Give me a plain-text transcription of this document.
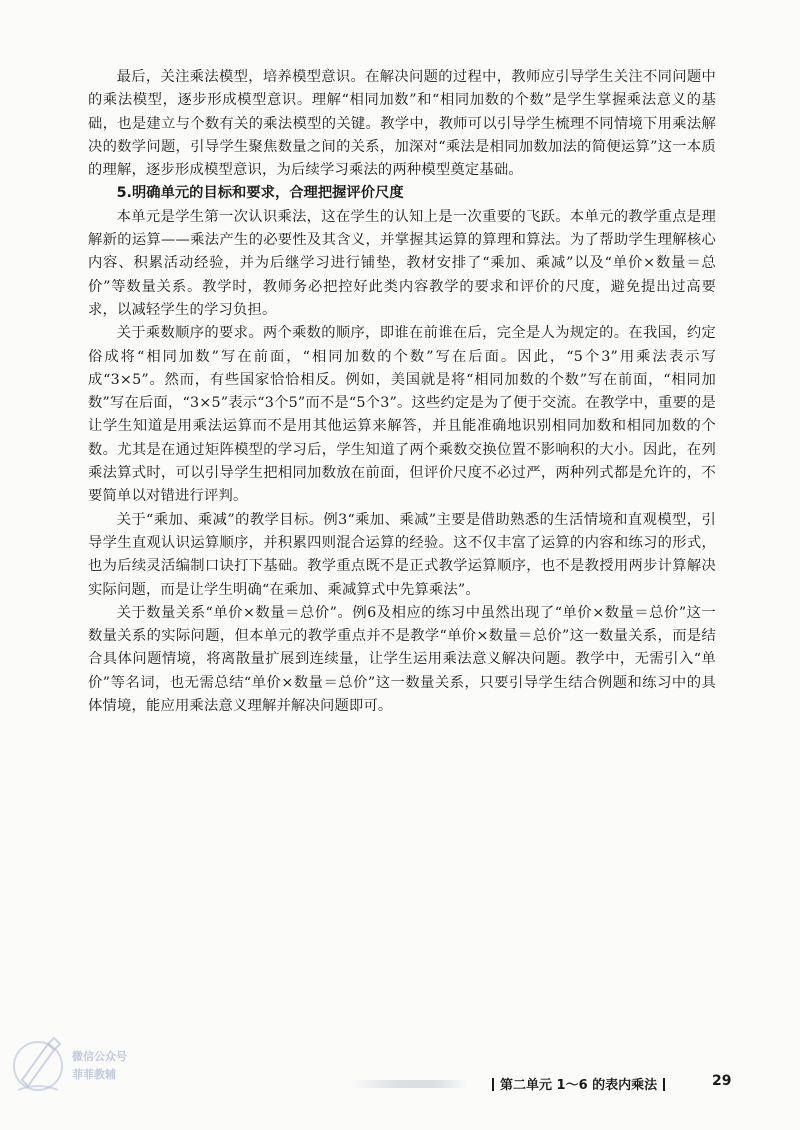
最后，关注乘法模型，培养模型意识。在解决问题的过程中，教师应引导学生关注不同问题中的乘法模型，逐步形成模型意识。理解“相同加数”和“相同加数的个数”是学生掌握乘法意义的基础，也是建立与个数有关的乘法模型的关键。教学中，教师可以引导学生梳理不同情境下用乘法解决的数学问题，引导学生聚焦数量之间的关系，加深对“乘法是相同加数加法的简便运算”这一本质的理解，逐步形成模型意识，为后续学习乘法的两种模型奠定基础。

5.明确单元的目标和要求，合理把握评价尺度

本单元是学生第一次认识乘法，这在学生的认知上是一次重要的飞跃。本单元的教学重点是理解新的运算——乘法产生的必要性及其含义，并掌握其运算的算理和算法。为了帮助学生理解核心内容、积累活动经验，并为后继学习进行铺垫，教材安排了“乘加、乘减”以及“单价×数量＝总价”等数量关系。教学时，教师务必把控好此类内容教学的要求和评价的尺度，避免提出过高要求，以减轻学生的学习负担。

关于乘数顺序的要求。两个乘数的顺序，即谁在前谁在后，完全是人为规定的。在我国，约定俗成将“相同加数”写在前面，“相同加数的个数”写在后面。因此，“5个3”用乘法表示写成“3×5”。然而，有些国家恰恰相反。例如，美国就是将“相同加数的个数”写在前面，“相同加数”写在后面，“3×5”表示“3个5”而不是“5个3”。这些约定是为了便于交流。在教学中，重要的是让学生知道是用乘法运算而不是用其他运算来解答，并且能准确地识别相同加数和相同加数的个数。尤其是在通过矩阵模型的学习后，学生知道了两个乘数交换位置不影响积的大小。因此，在列乘法算式时，可以引导学生把相同加数放在前面，但评价尺度不必过严，两种列式都是允许的，不要简单以对错进行评判。

关于“乘加、乘减”的教学目标。例3“乘加、乘减”主要是借助熟悉的生活情境和直观模型，引导学生直观认识运算顺序，并积累四则混合运算的经验。这不仅丰富了运算的内容和练习的形式，也为后续灵活编制口诀打下基础。教学重点既不是正式教学运算顺序，也不是教授用两步计算解决实际问题，而是让学生明确“在乘加、乘减算式中先算乘法”。

关于数量关系“单价×数量＝总价”。例6及相应的练习中虽然出现了“单价×数量＝总价”这一数量关系的实际问题，但本单元的教学重点并不是教学“单价×数量＝总价”这一数量关系，而是结合具体问题情境，将离散量扩展到连续量，让学生运用乘法意义解决问题。教学中，无需引入“单价”等名词，也无需总结“单价×数量＝总价”这一数量关系，只要引导学生结合例题和练习中的具体情境，能应用乘法意义理解并解决问题即可。

第二单元 1～6 的表内乘法	29
微信公众号
菲菲教辅
